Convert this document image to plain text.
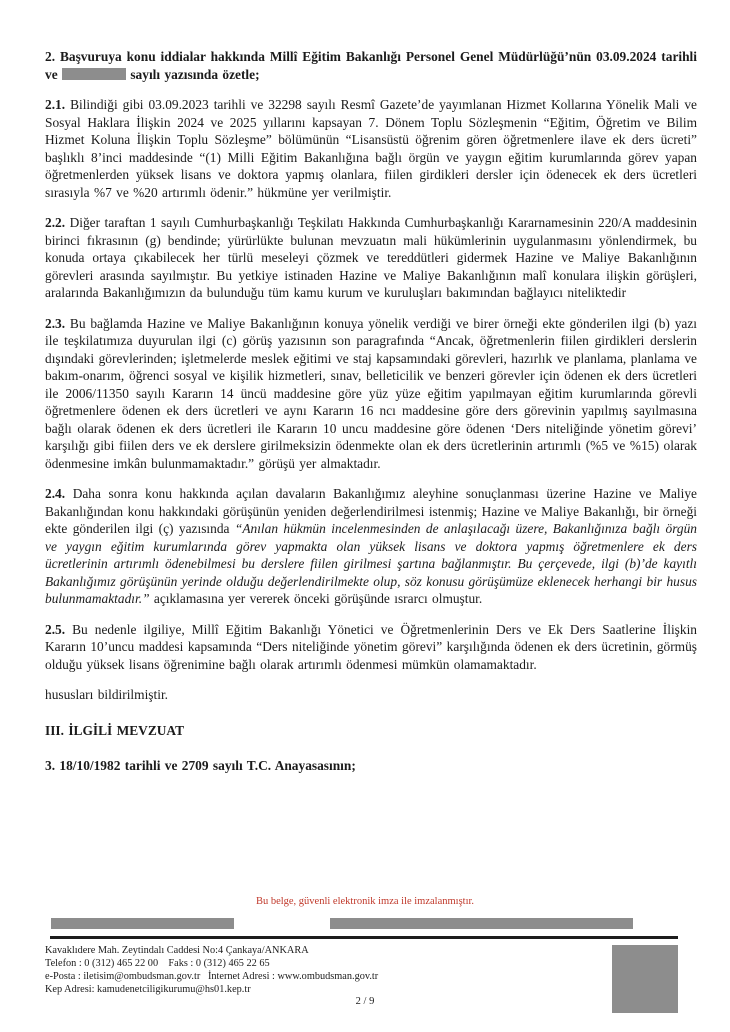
2. Başvuruya konu iddialar hakkında Millî Eğitim Bakanlığı Personel Genel Müdürlüğü’nün 03.09.2024 tarihli ve	sayılı yazısında özetle;

2.1. Bilindiği gibi 03.09.2023 tarihli ve 32298 sayılı Resmî Gazete’de yayımlanan Hizmet Kollarına Yönelik Mali ve Sosyal Haklara İlişkin 2024 ve 2025 yıllarını kapsayan 7. Dönem Toplu Sözleşmenin “Eğitim, Öğretim ve Bilim Hizmet Koluna İlişkin Toplu Sözleşme” bölümünün “Lisansüstü öğrenim gören öğretmenlere ilave ek ders ücreti” başlıklı 8’inci maddesinde “(1) Milli Eğitim Bakanlığına bağlı örgün ve yaygın eğitim kurumlarında görev yapan öğretmenlerden yüksek lisans ve doktora yapmış olanlara, fiilen girdikleri dersler için ödenecek ek ders ücretleri sırasıyla %7 ve %20 artırımlı ödenir.” hükmüne yer verilmiştir.

2.2. Diğer taraftan 1 sayılı Cumhurbaşkanlığı Teşkilatı Hakkında Cumhurbaşkanlığı Kararnamesinin 220/A maddesinin birinci fıkrasının (g) bendinde; yürürlükte bulunan mevzuatın mali hükümlerinin uygulanmasını yönlendirmek, bu konuda ortaya çıkabilecek her türlü meseleyi çözmek ve tereddütleri gidermek Hazine ve Maliye Bakanlığının görevleri arasında sayılmıştır. Bu yetkiye istinaden Hazine ve Maliye Bakanlığının malî konulara ilişkin görüşleri, aralarında Bakanlığımızın da bulunduğu tüm kamu kurum ve kuruluşları bakımından bağlayıcı niteliktedir

2.3. Bu bağlamda Hazine ve Maliye Bakanlığının konuya yönelik verdiği ve birer örneği ekte gönderilen ilgi (b) yazı ile teşkilatımıza duyurulan ilgi (c) görüş yazısının son paragrafında “Ancak, öğretmenlerin fiilen girdikleri derslerin dışındaki görevlerinden; işletmelerde meslek eğitimi ve staj kapsamındaki görevleri, hazırlık ve planlama, planlama ve bakım-onarım, öğrenci sosyal ve kişilik hizmetleri, sınav, belleticilik ve benzeri görevler için ödenen ek ders ücretleri ile 2006/11350 sayılı Kararın 14 üncü maddesine göre yüz yüze eğitim yapılmayan eğitim kurumlarında görevli öğretmenlere ödenen ek ders ücretleri ve aynı Kararın 16 ncı maddesine göre ders görevinin yapılmış sayılmasına bağlı olarak ödenen ek ders ücretleri ile Kararın 10 uncu maddesine göre ödenen ‘Ders niteliğinde yönetim görevi’ karşılığı gibi fiilen ders ve ek derslere girilmeksizin ödenmekte olan ek ders ücretlerinin artırımlı (%5 ve %15) olarak ödenmesine imkân bulunmamaktadır.” görüşü yer almaktadır.

2.4. Daha sonra konu hakkında açılan davaların Bakanlığımız aleyhine sonuçlanması üzerine Hazine ve Maliye Bakanlığından konu hakkındaki görüşünün yeniden değerlendirilmesi istenmiş; Hazine ve Maliye Bakanlığı, bir örneği ekte gönderilen ilgi (ç) yazısında “Anılan hükmün incelenmesinden de anlaşılacağı üzere, Bakanlığınıza bağlı örgün ve yaygın eğitim kurumlarında görev yapmakta olan yüksek lisans ve doktora yapmış öğretmenlere ek ders ücretlerinin artırımlı ödenebilmesi bu derslere fiilen girilmesi şartına bağlanmıştır. Bu çerçevede, ilgi (b)’de kayıtlı Bakanlığımız görüşünün yerinde olduğu değerlendirilmekte olup, söz konusu görüşümüze eklenecek herhangi bir husus bulunmamaktadır.” açıklamasına yer vererek önceki görüşünde ısrarcı olmuştur.

2.5. Bu nedenle ilgiliye, Millî Eğitim Bakanlığı Yönetici ve Öğretmenlerinin Ders ve Ek Ders Saatlerine İlişkin Kararın 10’uncu maddesi kapsamında “Ders niteliğinde yönetim görevi” karşılığında ödenen ek ders ücretinin, görmüş olduğu yüksek lisans öğrenimine bağlı olarak artırımlı ödenmesi mümkün olamamaktadır.

hususları bildirilmiştir.

III. İLGİLİ MEVZUAT

3. 18/10/1982 tarihli ve 2709 sayılı T.C. Anayasasının;

Bu belge, güvenli elektronik imza ile imzalanmıştır.
Kavaklıdere Mah. Zeytindalı Caddesi No:4 Çankaya/ANKARA
Telefon : 0 (312) 465 22 00    Faks : 0 (312) 465 22 65
e-Posta : iletisim@ombudsman.gov.tr   İnternet Adresi : www.ombudsman.gov.tr
Kep Adresi: kamudenetciligikurumu@hs01.kep.tr
2 / 9
